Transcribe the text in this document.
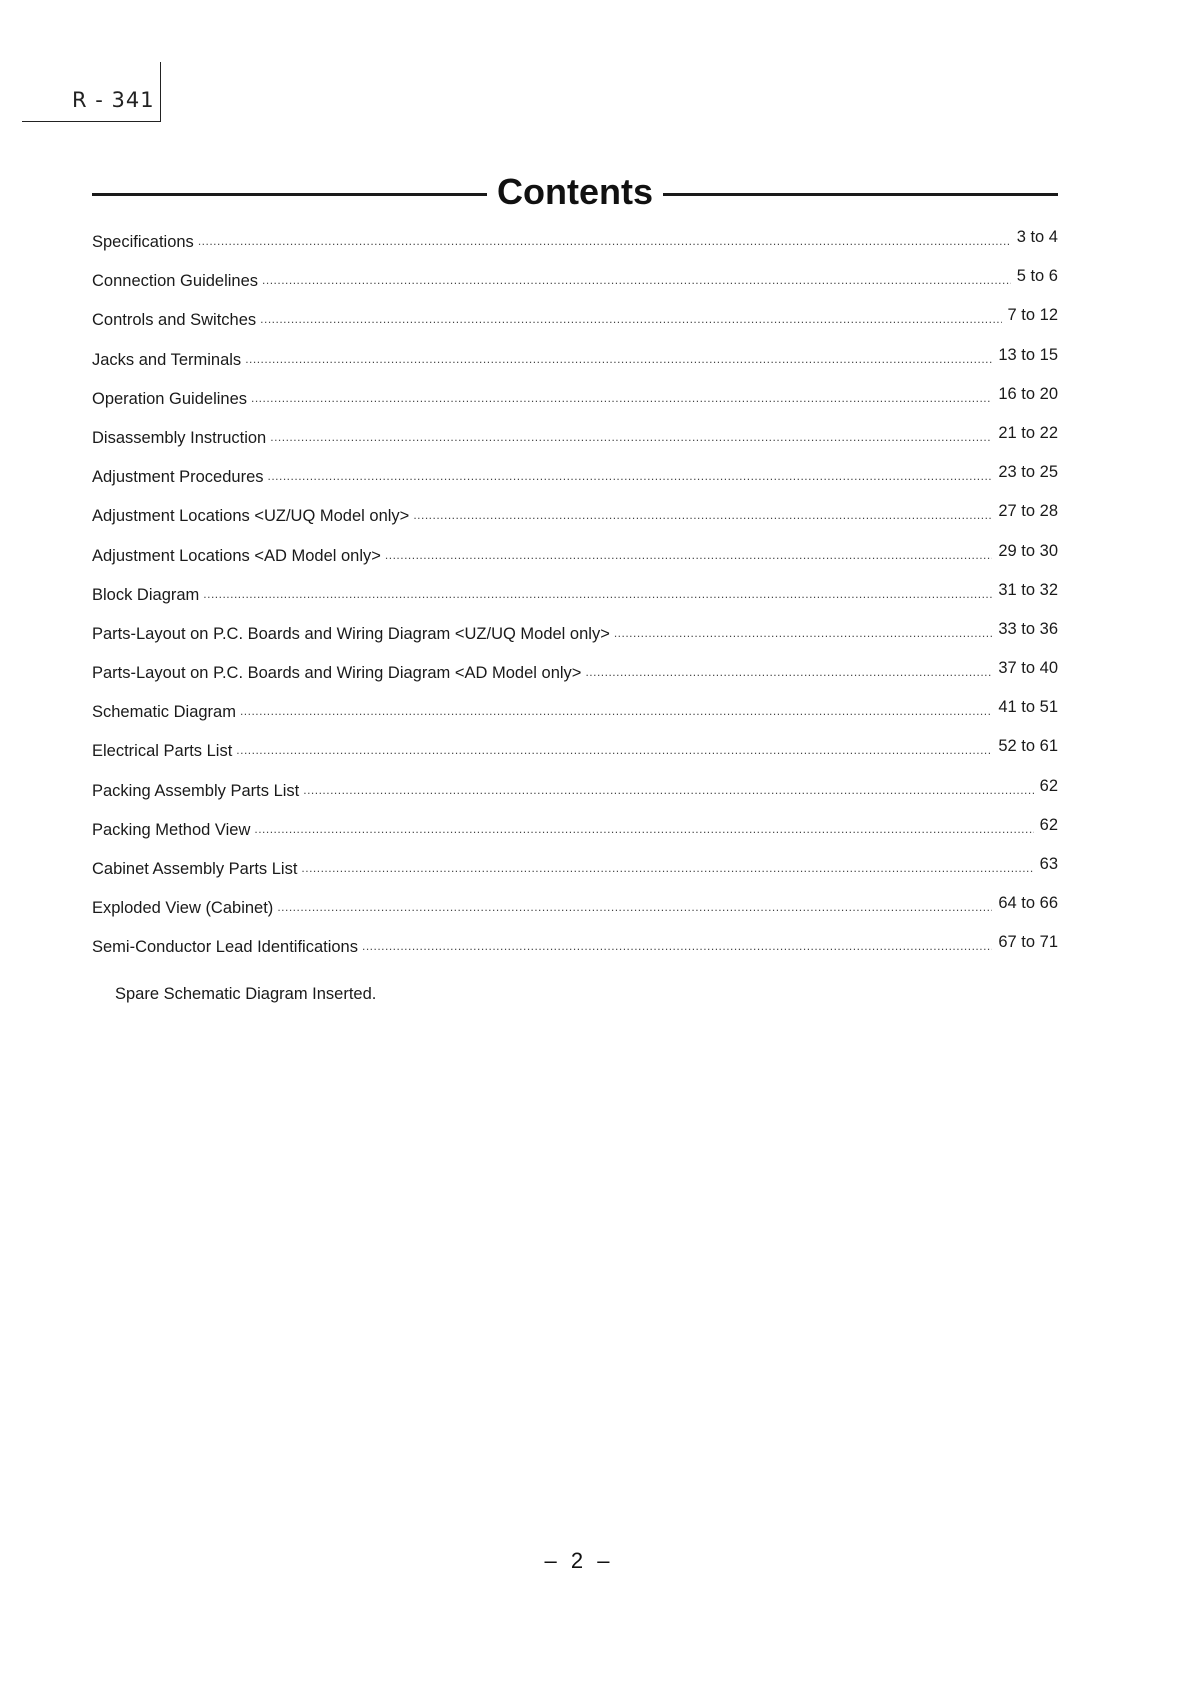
R - 341
Contents
Specifications .....	3 to 4
Connection Guidelines .....	5 to 6
Controls and Switches .....	7 to 12
Jacks and Terminals .....	13 to 15
Operation Guidelines .....	16 to 20
Disassembly Instruction .....	21 to 22
Adjustment Procedures .....	23 to 25
Adjustment Locations <UZ/UQ Model only> .....	27 to 28
Adjustment Locations <AD Model only> .....	29 to 30
Block Diagram .....	31 to 32
Parts-Layout on P.C. Boards and Wiring Diagram <UZ/UQ Model only> .....	33 to 36
Parts-Layout on P.C. Boards and Wiring Diagram <AD Model only> .....	37 to 40
Schematic Diagram .....	41 to 51
Electrical Parts List .....	52 to 61
Packing Assembly Parts List .....	62
Packing Method View .....	62
Cabinet Assembly Parts List .....	63
Exploded View (Cabinet) .....	64 to 66
Semi-Conductor Lead Identifications .....	67 to 71
Spare Schematic Diagram Inserted.
– 2 –
